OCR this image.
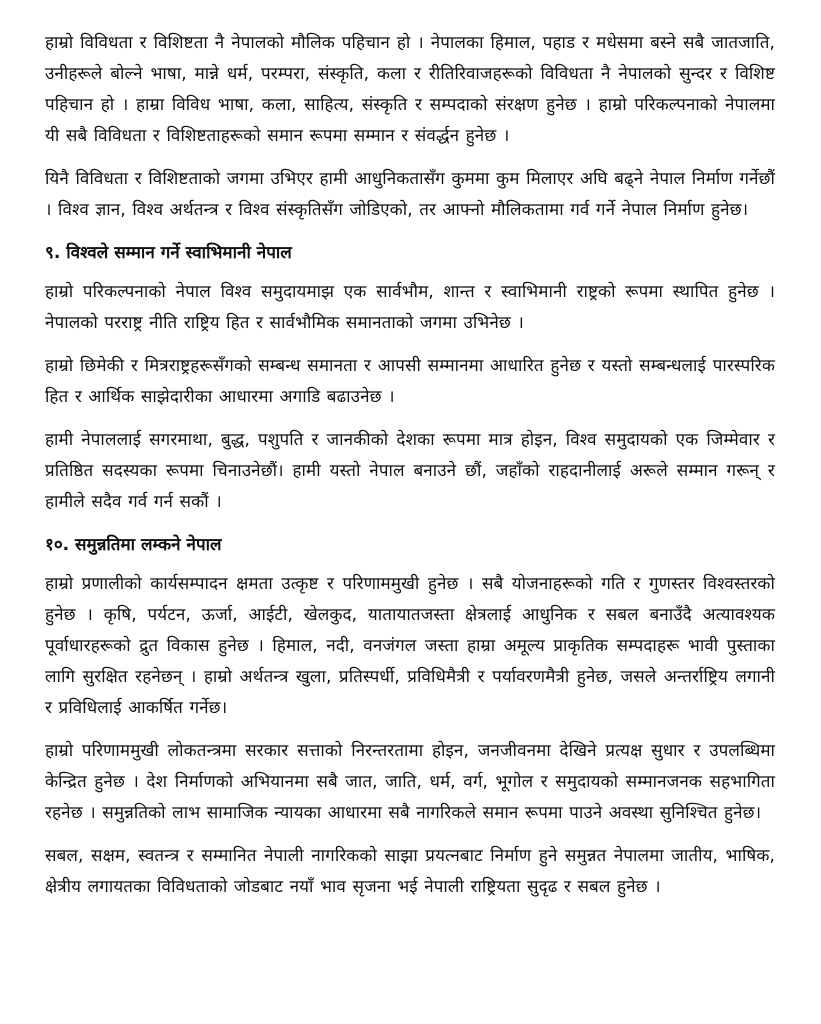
हाम्रो विविधता र विशिष्टता नै नेपालको मौलिक पहिचान हो । नेपालका हिमाल, पहाड र मधेसमा बस्ने सबै जातजाति, उनीहरूले बोल्ने भाषा, मान्ने धर्म, परम्परा, संस्कृति, कला र रीतिरिवाजहरूको विविधता नै नेपालको सुन्दर र विशिष्ट पहिचान हो । हाम्रा विविध भाषा, कला, साहित्य, संस्कृति र सम्पदाको संरक्षण हुनेछ । हाम्रो परिकल्पनाको नेपालमा यी सबै विविधता र विशिष्टताहरूको समान रूपमा सम्मान र संवर्द्धन हुनेछ ।

यिनै विविधता र विशिष्टताको जगमा उभिएर हामी आधुनिकतासँग कुममा कुम मिलाएर अघि बढ्ने नेपाल निर्माण गर्नेछौं । विश्व ज्ञान, विश्व अर्थतन्त्र र विश्व संस्कृतिसँग जोडिएको, तर आफ्नो मौलिकतामा गर्व गर्ने नेपाल निर्माण हुनेछ।

९. विश्वले सम्मान गर्ने स्वाभिमानी नेपाल

हाम्रो परिकल्पनाको नेपाल विश्व समुदायमाझ एक सार्वभौम, शान्त र स्वाभिमानी राष्ट्रको रूपमा स्थापित हुनेछ । नेपालको परराष्ट्र नीति राष्ट्रिय हित र सार्वभौमिक समानताको जगमा उभिनेछ ।

हाम्रो छिमेकी र मित्रराष्ट्रहरूसँगको सम्बन्ध समानता र आपसी सम्मानमा आधारित हुनेछ र यस्तो सम्बन्धलाई पारस्परिक हित र आर्थिक साझेदारीका आधारमा अगाडि बढाउनेछ ।

हामी नेपाललाई सगरमाथा, बुद्ध, पशुपति र जानकीको देशका रूपमा मात्र होइन, विश्व समुदायको एक जिम्मेवार र प्रतिष्ठित सदस्यका रूपमा चिनाउनेछौं। हामी यस्तो नेपाल बनाउने छौं, जहाँको राहदानीलाई अरूले सम्मान गरून् र हामीले सदैव गर्व गर्न सकौं ।

१०. समुन्नतिमा लम्कने नेपाल

हाम्रो प्रणालीको कार्यसम्पादन क्षमता उत्कृष्ट र परिणाममुखी हुनेछ । सबै योजनाहरूको गति र गुणस्तर विश्वस्तरको हुनेछ । कृषि, पर्यटन, ऊर्जा, आईटी, खेलकुद, यातायातजस्ता क्षेत्रलाई आधुनिक र सबल बनाउँदै अत्यावश्यक पूर्वाधारहरूको द्रुत विकास हुनेछ । हिमाल, नदी, वनजंगल जस्ता हाम्रा अमूल्य प्राकृतिक सम्पदाहरू भावी पुस्ताका लागि सुरक्षित रहनेछन् । हाम्रो अर्थतन्त्र खुला, प्रतिस्पर्धी, प्रविधिमैत्री र पर्यावरणमैत्री हुनेछ, जसले अन्तर्राष्ट्रिय लगानी र प्रविधिलाई आकर्षित गर्नेछ।

हाम्रो परिणाममुखी लोकतन्त्रमा सरकार सत्ताको निरन्तरतामा होइन, जनजीवनमा देखिने प्रत्यक्ष सुधार र उपलब्धिमा केन्द्रित हुनेछ । देश निर्माणको अभियानमा सबै जात, जाति, धर्म, वर्ग, भूगोल र समुदायको सम्मानजनक सहभागिता रहनेछ । समुन्नतिको लाभ सामाजिक न्यायका आधारमा सबै नागरिकले समान रूपमा पाउने अवस्था सुनिश्चित हुनेछ।

सबल, सक्षम, स्वतन्त्र र सम्मानित नेपाली नागरिकको साझा प्रयत्नबाट निर्माण हुने समुन्नत नेपालमा जातीय, भाषिक, क्षेत्रीय लगायतका विविधताको जोडबाट नयाँ भाव सृजना भई नेपाली राष्ट्रियता सुदृढ र सबल हुनेछ ।
